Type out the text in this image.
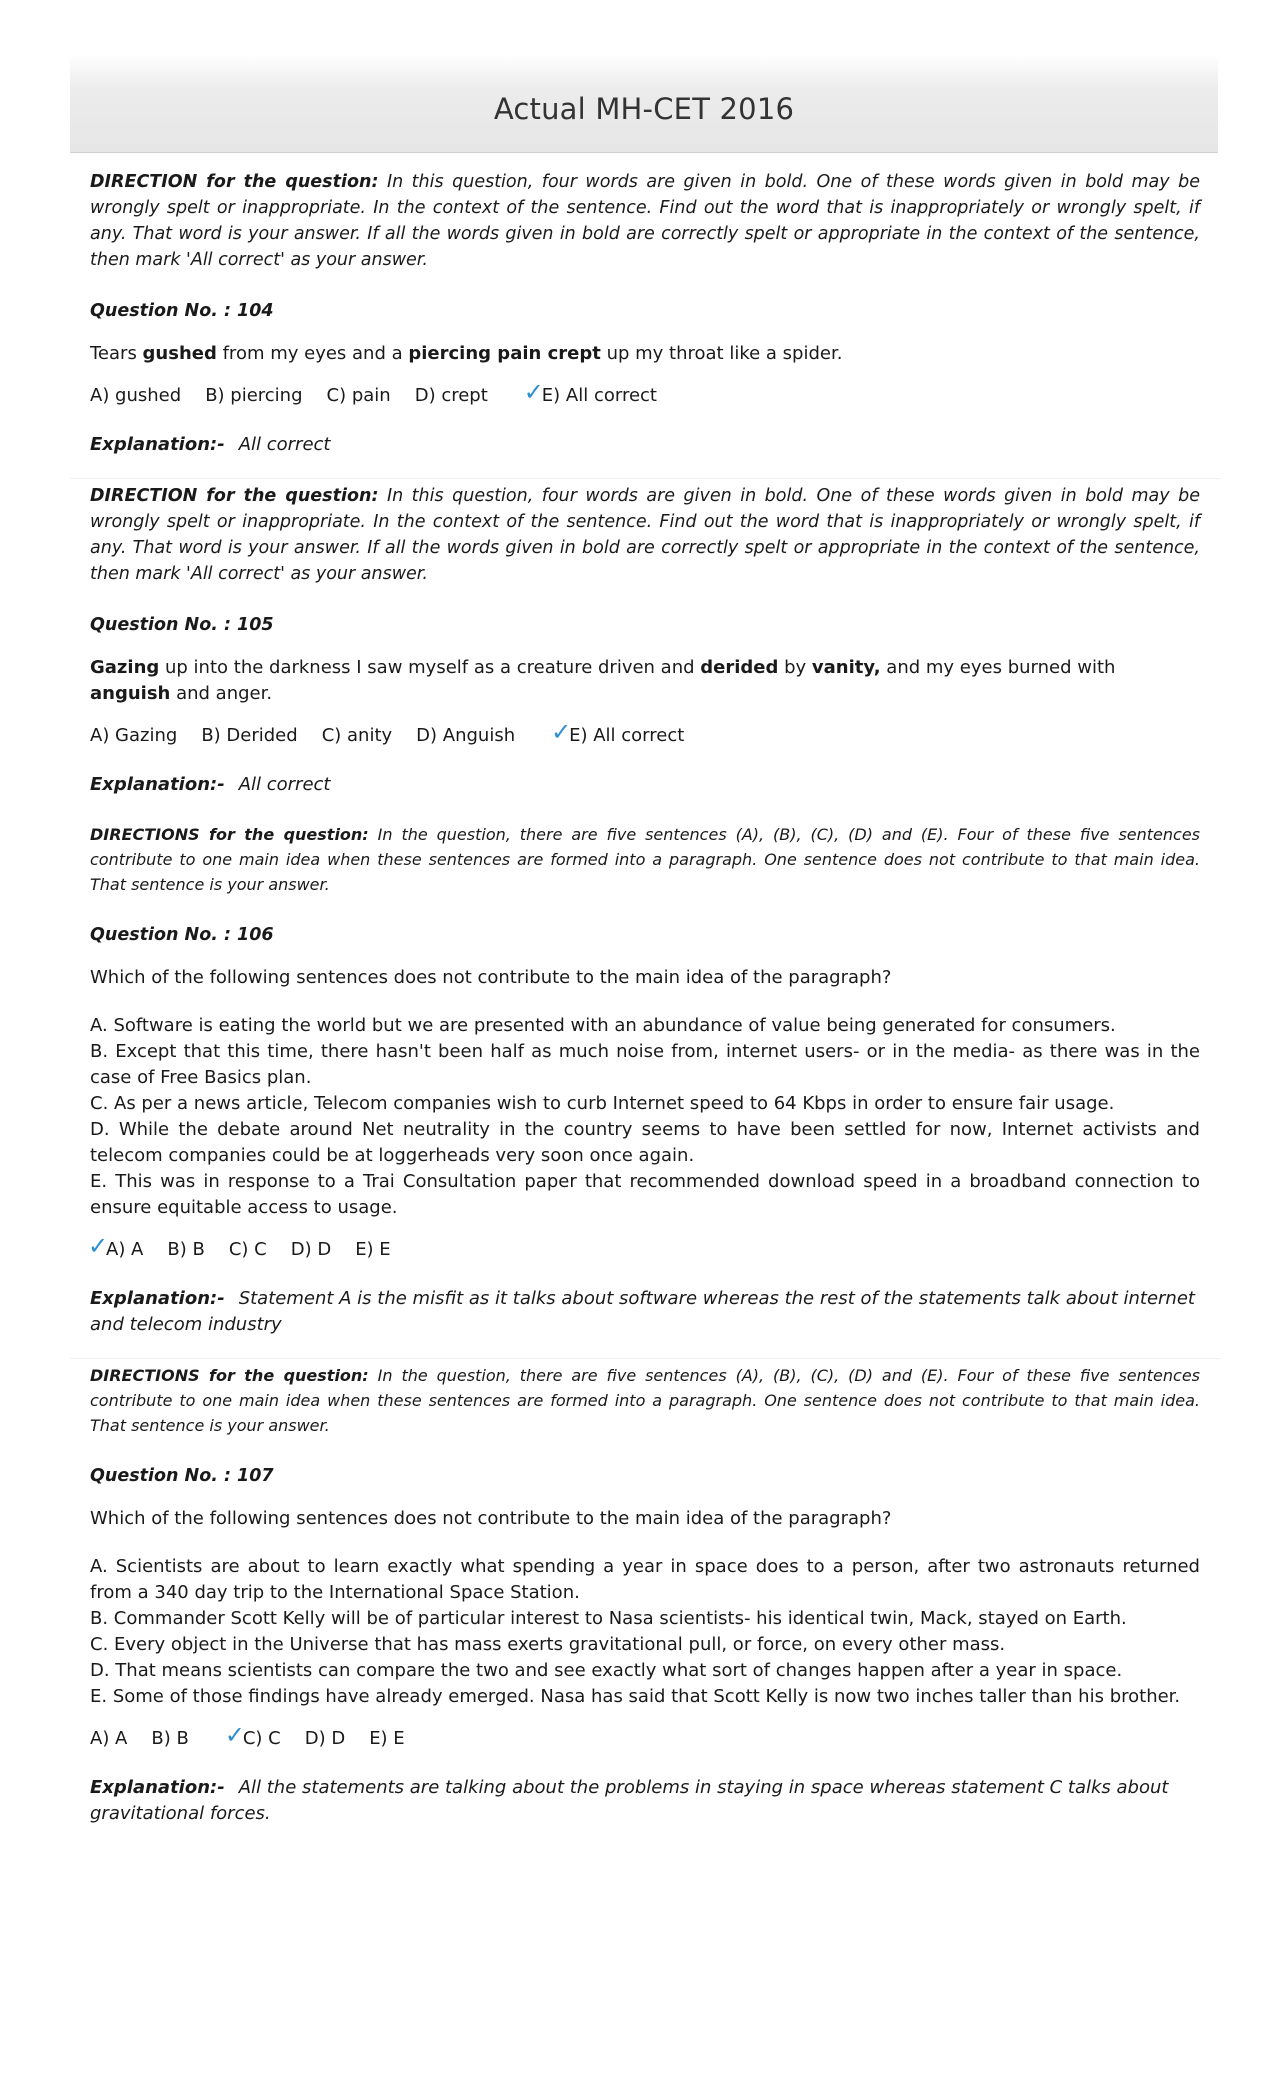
Actual MH-CET 2016

DIRECTION for the question: In this question, four words are given in bold. One of these words given in bold may be wrongly spelt or inappropriate. In the context of the sentence. Find out the word that is inappropriately or wrongly spelt, if any. That word is your answer. If all the words given in bold are correctly spelt or appropriate in the context of the sentence, then mark 'All correct' as your answer.

Question No. : 104

Tears gushed from my eyes and a piercing pain crept up my throat like a spider.

A) gushed B) piercing C) pain D) crept ✓
E) All correct

Explanation:- All correct

DIRECTION for the question: In this question, four words are given in bold. One of these words given in bold may be wrongly spelt or inappropriate. In the context of the sentence. Find out the word that is inappropriately or wrongly spelt, if any. That word is your answer. If all the words given in bold are correctly spelt or appropriate in the context of the sentence, then mark 'All correct' as your answer.

Question No. : 105

Gazing up into the darkness I saw myself as a creature driven and derided by vanity, and my eyes burned with anguish and anger.

A) Gazing B) Derided C) anity D) Anguish ✓
E) All correct

Explanation:- All correct

DIRECTIONS for the question: In the question, there are five sentences (A), (B), (C), (D) and (E). Four of these five sentences contribute to one main idea when these sentences are formed into a paragraph. One sentence does not contribute to that main idea. That sentence is your answer.

Question No. : 106

Which of the following sentences does not contribute to the main idea of the paragraph?

A. Software is eating the world but we are presented with an abundance of value being generated for consumers.

B. Except that this time, there hasn't been half as much noise from, internet users- or in the media- as there was in the case of Free Basics plan.

C. As per a news article, Telecom companies wish to curb Internet speed to 64 Kbps in order to ensure fair usage.

D. While the debate around Net neutrality in the country seems to have been settled for now, Internet activists and telecom companies could be at loggerheads very soon once again.

E. This was in response to a Trai Consultation paper that recommended download speed in a broadband connection to ensure equitable access to usage.

✓
A) A B) B C) C D) D E) E

Explanation:- Statement A is the misfit as it talks about software whereas the rest of the statements talk about internet and telecom industry

DIRECTIONS for the question: In the question, there are five sentences (A), (B), (C), (D) and (E). Four of these five sentences contribute to one main idea when these sentences are formed into a paragraph. One sentence does not contribute to that main idea. That sentence is your answer.

Question No. : 107

Which of the following sentences does not contribute to the main idea of the paragraph?

A. Scientists are about to learn exactly what spending a year in space does to a person, after two astronauts returned from a 340 day trip to the International Space Station.

B. Commander Scott Kelly will be of particular interest to Nasa scientists- his identical twin, Mack, stayed on Earth.

C. Every object in the Universe that has mass exerts gravitational pull, or force, on every other mass.

D. That means scientists can compare the two and see exactly what sort of changes happen after a year in space.

E. Some of those findings have already emerged. Nasa has said that Scott Kelly is now two inches taller than his brother.

A) A B) B ✓
C) C D) D E) E

Explanation:- All the statements are talking about the problems in staying in space whereas statement C talks about gravitational forces.
